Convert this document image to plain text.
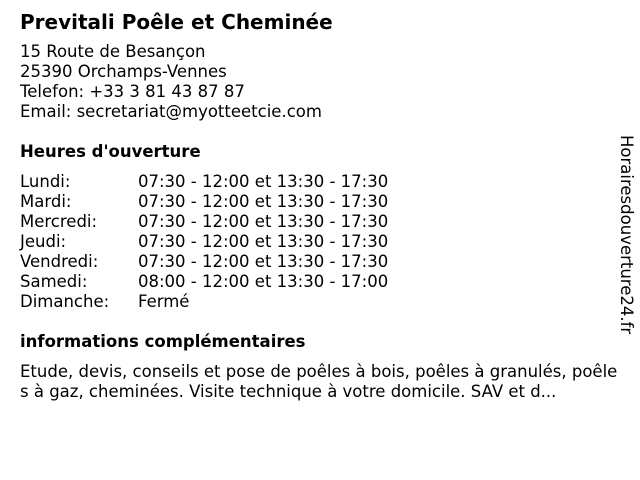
Previtali Poêle et Cheminée
15 Route de Besançon
25390 Orchamps-Vennes
Telefon: +33 3 81 43 87 87
Email: secretariat@myotteetcie.com
Heures d'ouverture
Lundi:	07:30 - 12:00 et 13:30 - 17:30
Mardi:	07:30 - 12:00 et 13:30 - 17:30
Mercredi:	07:30 - 12:00 et 13:30 - 17:30
Jeudi:	07:30 - 12:00 et 13:30 - 17:30
Vendredi:	07:30 - 12:00 et 13:30 - 17:30
Samedi:	08:00 - 12:00 et 13:30 - 17:00
Dimanche:	Fermé
informations complémentaires
Etude, devis, conseils et pose de poêles à bois, poêles à granulés, poêles à gaz, cheminées. Visite technique à votre domicile. SAV et d...
Horairesdouverture24.fr
